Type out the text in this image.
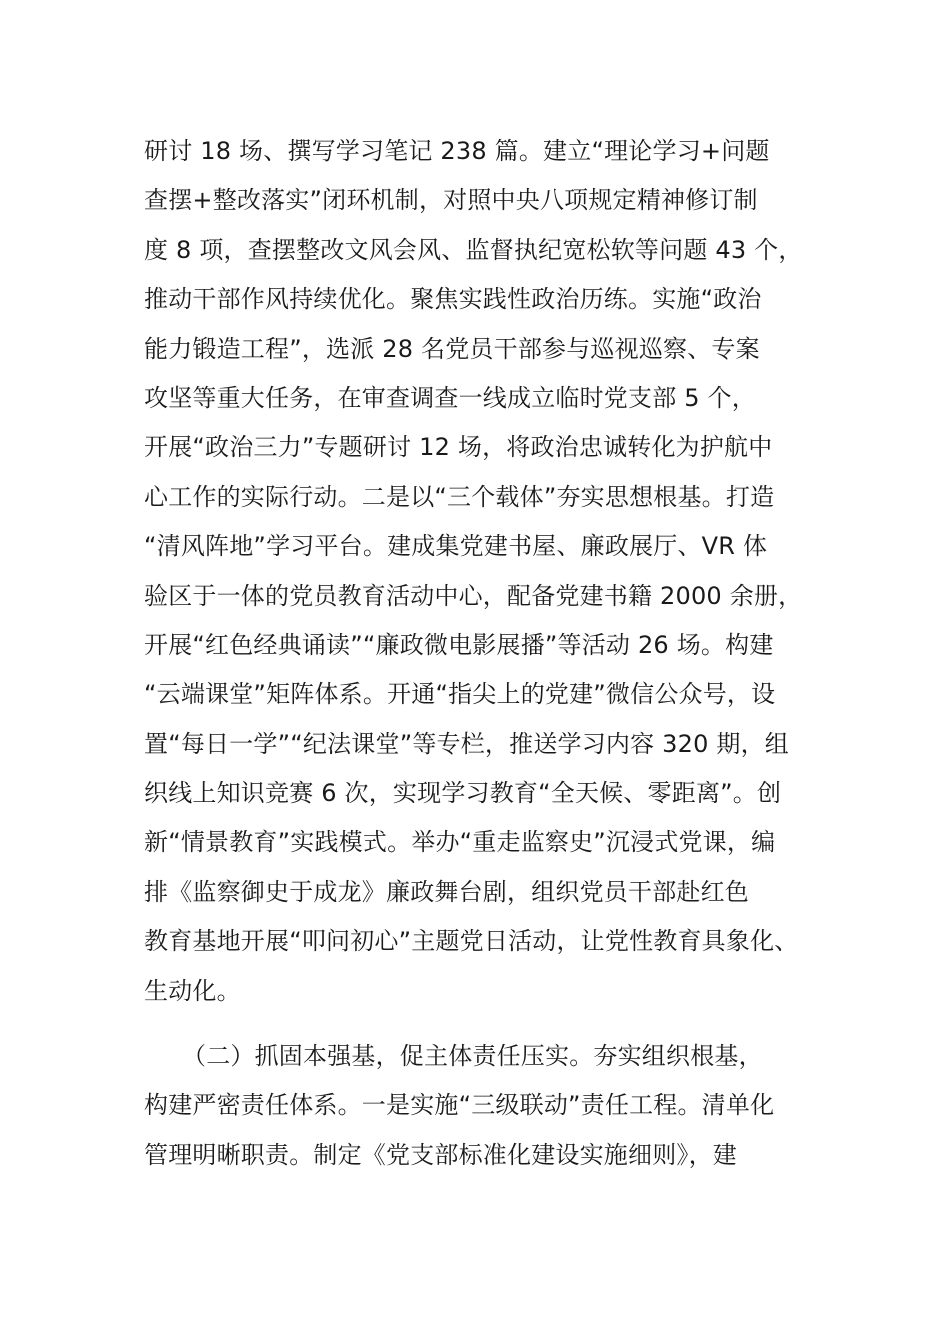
研讨 18 场、撰写学习笔记 238 篇。建立“理论学习+问题
查摆+整改落实”闭环机制，对照中央八项规定精神修订制
度 8 项，查摆整改文风会风、监督执纪宽松软等问题 43 个，
推动干部作风持续优化。聚焦实践性政治历练。实施“政治
能力锻造工程”，选派 28 名党员干部参与巡视巡察、专案
攻坚等重大任务，在审查调查一线成立临时党支部 5 个，
开展“政治三力”专题研讨 12 场，将政治忠诚转化为护航中
心工作的实际行动。二是以“三个载体”夯实思想根基。打造
“清风阵地”学习平台。建成集党建书屋、廉政展厅、VR 体
验区于一体的党员教育活动中心，配备党建书籍 2000 余册，
开展“红色经典诵读”“廉政微电影展播”等活动 26 场。构建
“云端课堂”矩阵体系。开通“指尖上的党建”微信公众号，设
置“每日一学”“纪法课堂”等专栏，推送学习内容 320 期，组
织线上知识竞赛 6 次，实现学习教育“全天候、零距离”。创
新“情景教育”实践模式。举办“重走监察史”沉浸式党课，编
排《监察御史于成龙》廉政舞台剧，组织党员干部赴红色
教育基地开展“叩问初心”主题党日活动，让党性教育具象化、
生动化。
（二）抓固本强基，促主体责任压实。夯实组织根基，
构建严密责任体系。一是实施“三级联动”责任工程。清单化
管理明晰职责。制定《党支部标准化建设实施细则》，建
